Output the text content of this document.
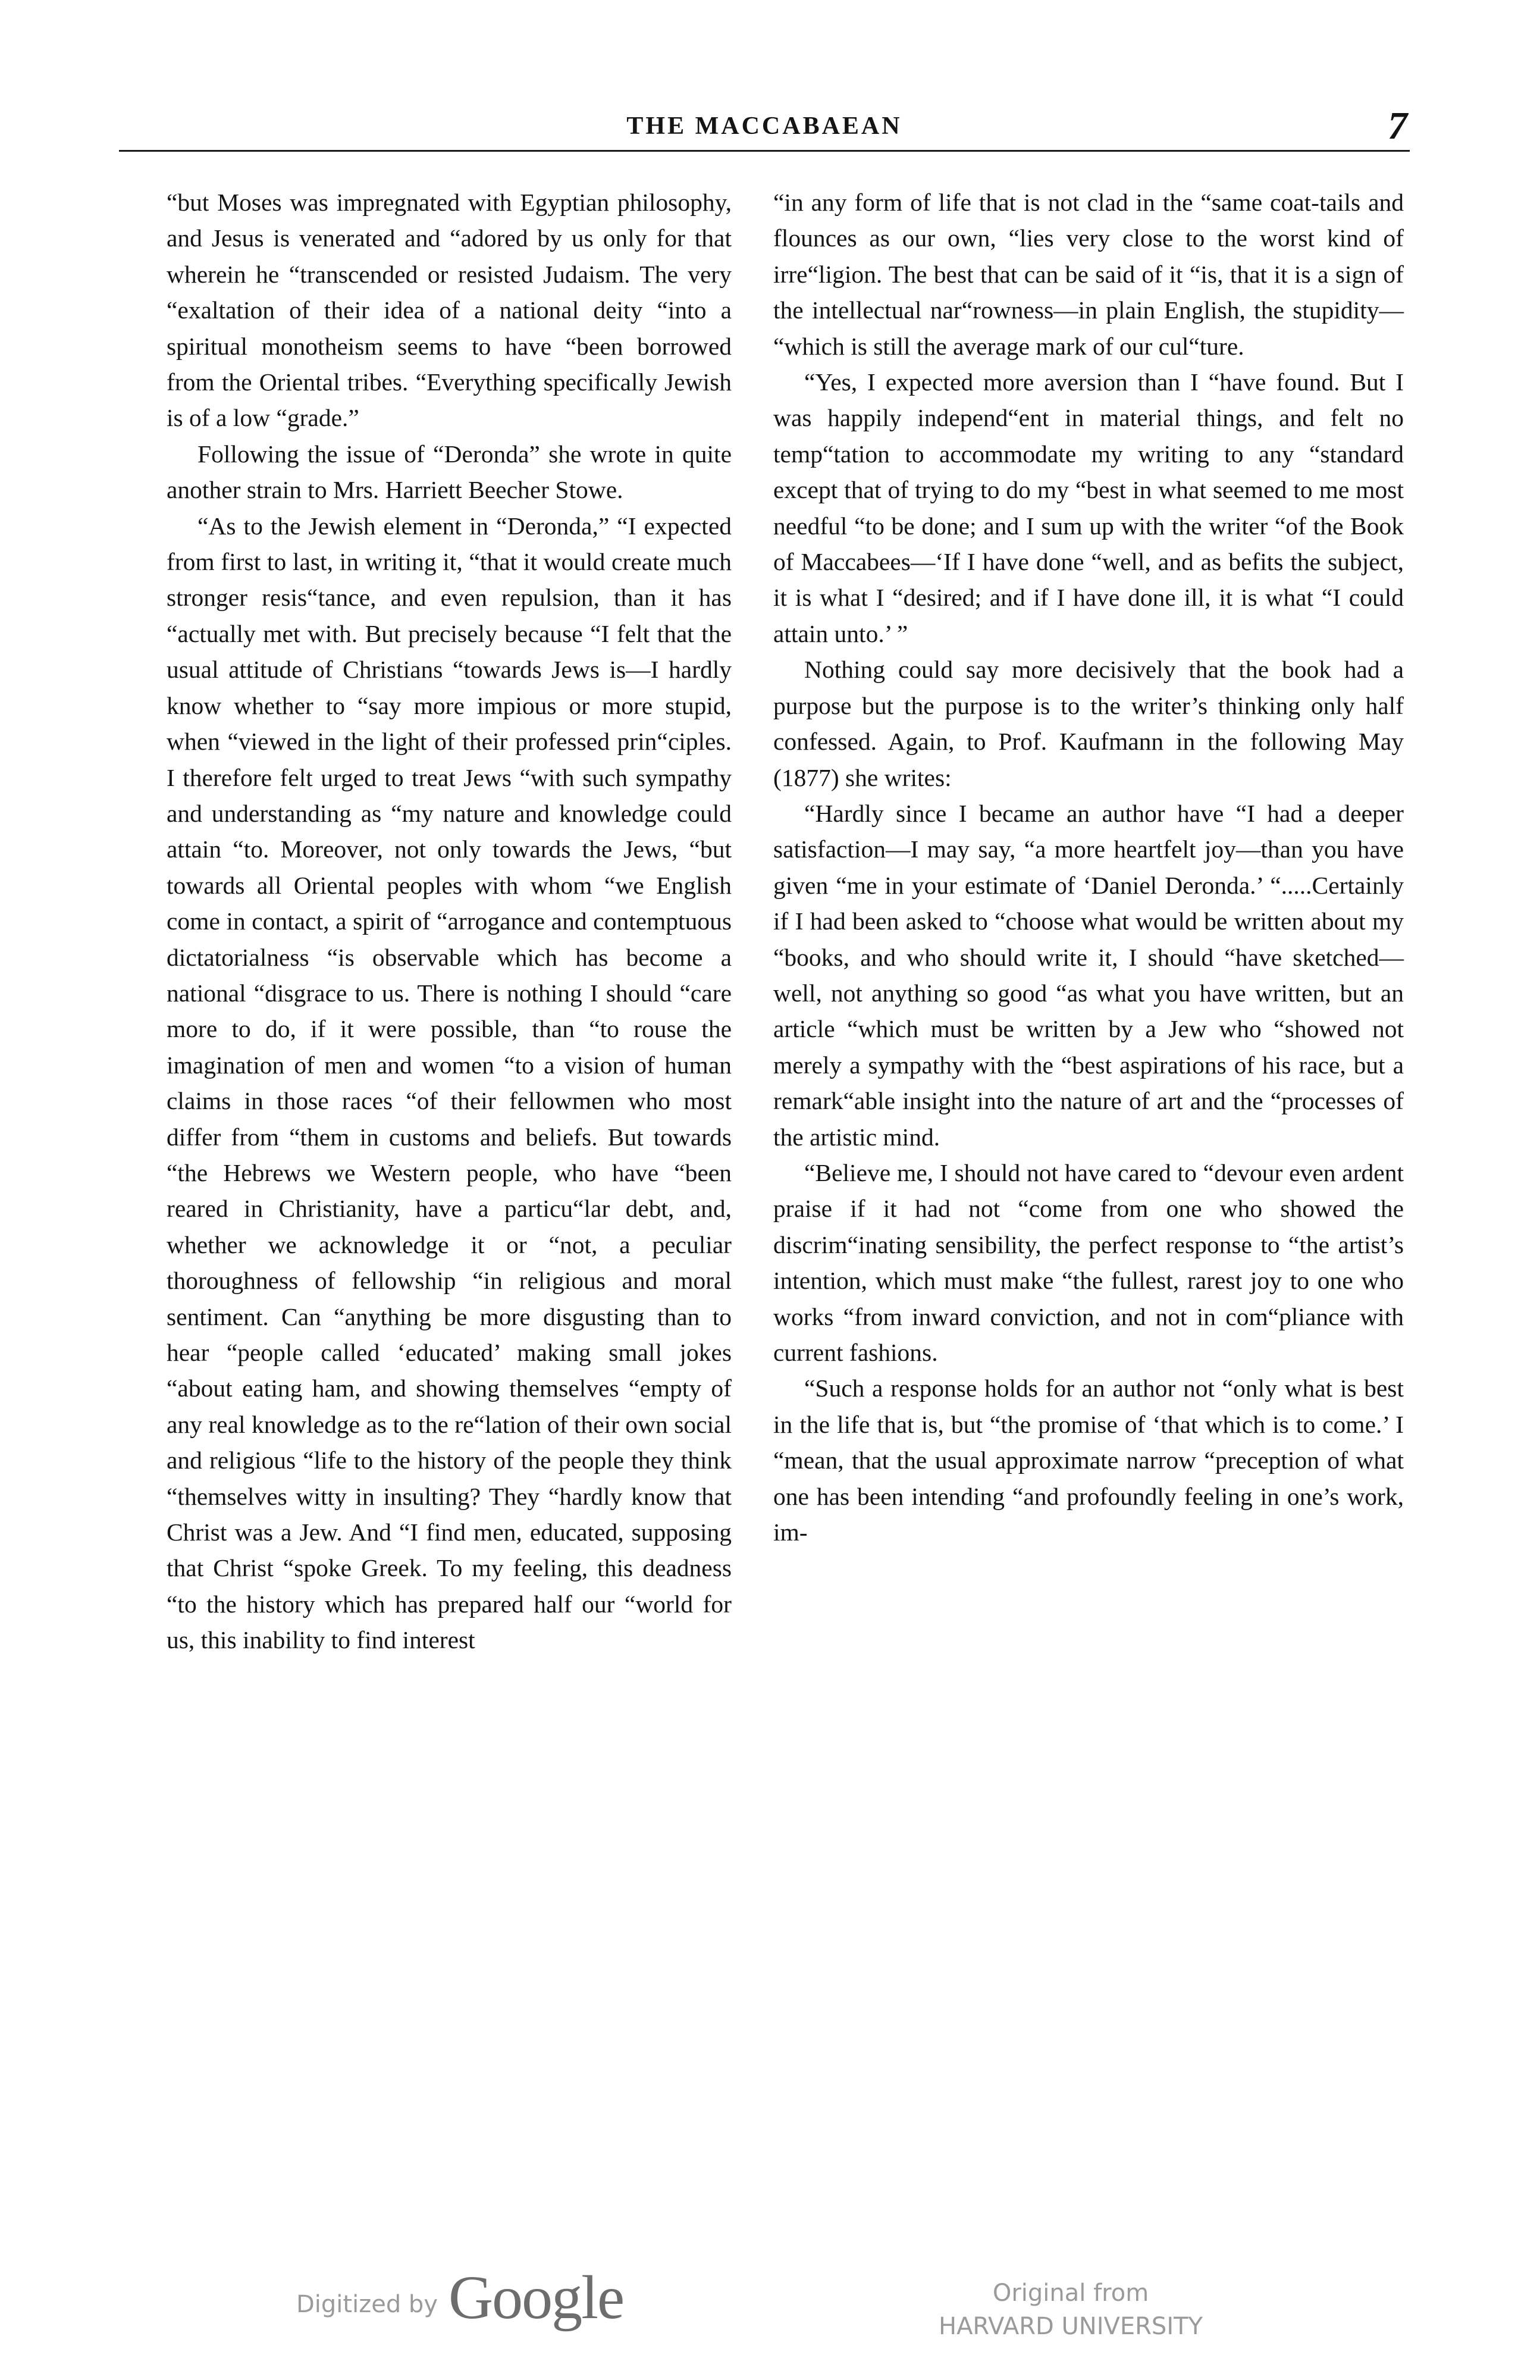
THE MACCABAEAN	7

“but Moses was impregnated with Egyptian philosophy, and Jesus is venerated and “adored by us only for that wherein he “transcended or resisted Judaism. The very “exaltation of their idea of a national deity “into a spiritual monotheism seems to have “been borrowed from the Oriental tribes. “Everything specifically Jewish is of a low “grade.”

Following the issue of “Deronda” she wrote in quite another strain to Mrs. Harriett Beecher Stowe.

“As to the Jewish element in “Deronda,” “I expected from first to last, in writing it, “that it would create much stronger resis“tance, and even repulsion, than it has “actually met with. But precisely because “I felt that the usual attitude of Christians “towards Jews is—I hardly know whether to “say more impious or more stupid, when “viewed in the light of their professed prin“ciples. I therefore felt urged to treat Jews “with such sympathy and understanding as “my nature and knowledge could attain “to. Moreover, not only towards the Jews, “but towards all Oriental peoples with whom “we English come in contact, a spirit of “arrogance and contemptuous dictatorialness “is observable which has become a national “disgrace to us. There is nothing I should “care more to do, if it were possible, than “to rouse the imagination of men and women “to a vision of human claims in those races “of their fellowmen who most differ from “them in customs and beliefs. But towards “the Hebrews we Western people, who have “been reared in Christianity, have a particu“lar debt, and, whether we acknowledge it or “not, a peculiar thoroughness of fellowship “in religious and moral sentiment. Can “anything be more disgusting than to hear “people called ‘educated’ making small jokes “about eating ham, and showing themselves “empty of any real knowledge as to the re“lation of their own social and religious “life to the history of the people they think “themselves witty in insulting? They “hardly know that Christ was a Jew. And “I find men, educated, supposing that Christ “spoke Greek. To my feeling, this deadness “to the history which has prepared half our “world for us, this inability to find interest

“in any form of life that is not clad in the “same coat-tails and flounces as our own, “lies very close to the worst kind of irre“ligion. The best that can be said of it “is, that it is a sign of the intellectual nar“rowness—in plain English, the stupidity— “which is still the average mark of our cul“ture.

“Yes, I expected more aversion than I “have found. But I was happily independ“ent in material things, and felt no temp“tation to accommodate my writing to any “standard except that of trying to do my “best in what seemed to me most needful “to be done; and I sum up with the writer “of the Book of Maccabees—‘If I have done “well, and as befits the subject, it is what I “desired; and if I have done ill, it is what “I could attain unto.’ ”

Nothing could say more decisively that the book had a purpose but the purpose is to the writer’s thinking only half confessed. Again, to Prof. Kaufmann in the following May (1877) she writes:

“Hardly since I became an author have “I had a deeper satisfaction—I may say, “a more heartfelt joy—than you have given “me in your estimate of ‘Daniel Deronda.’ “.....Certainly if I had been asked to “choose what would be written about my “books, and who should write it, I should “have sketched—well, not anything so good “as what you have written, but an article “which must be written by a Jew who “showed not merely a sympathy with the “best aspirations of his race, but a remark“able insight into the nature of art and the “processes of the artistic mind.

“Believe me, I should not have cared to “devour even ardent praise if it had not “come from one who showed the discrim“inating sensibility, the perfect response to “the artist’s intention, which must make “the fullest, rarest joy to one who works “from inward conviction, and not in com“pliance with current fashions.

“Such a response holds for an author not “only what is best in the life that is, but “the promise of ‘that which is to come.’ I “mean, that the usual approximate narrow “preception of what one has been intending “and profoundly feeling in one’s work, im-

Digitized by Google	Original from
HARVARD UNIVERSITY
